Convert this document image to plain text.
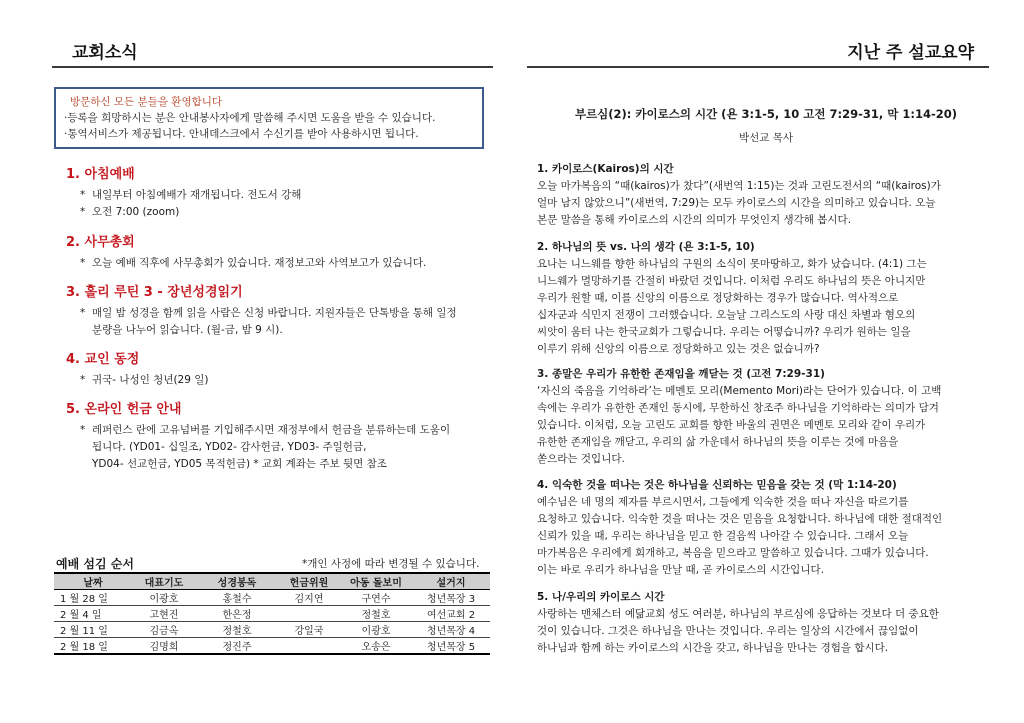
교회소식	지난 주 설교요약
방문하신 모든 분들을 환영합니다
·등록을 희망하시는 분은 안내봉사자에게 말씀해 주시면 도움을 받을 수 있습니다.
·통역서비스가 제공됩니다. 안내데스크에서 수신기를 받아 사용하시면 됩니다.
1. 아침예배
* 내일부터 아침예배가 재개됩니다. 전도서 강해
* 오전 7:00 (zoom)
2. 사무총회
* 오늘 예배 직후에 사무총회가 있습니다. 재정보고와 사역보고가 있습니다.
3. 홀리 루틴 3 - 장년성경읽기
* 매일 밤 성경을 함께 읽을 사람은 신청 바랍니다. 지원자들은 단톡방을 통해 일정
분량을 나누어 읽습니다. (월-금, 밤 9 시).
4. 교인 동정
* 귀국- 나성인 청년(29 일)
5. 온라인 헌금 안내
* 레퍼런스 란에 고유넘버를 기입해주시면 재정부에서 헌금을 분류하는데 도움이
됩니다. (YD01- 십일조, YD02- 감사헌금, YD03- 주일헌금,
YD04- 선교헌금, YD05 목적헌금) * 교회 계좌는 주보 뒷면 참조
예배 섬김 순서	*개인 사정에 따라 변경될 수 있습니다.
날짜	대표기도	성경봉독	헌금위원	아동 돌보미	설거지
1 월 28 일	이광호	홍철수	김지연	구연수	청년목장 3
2 월 4 일	고현진	한은정		정철호	여선교회 2
2 월 11 일	김금옥	정철호	강일국	이광호	청년목장 4
2 월 18 일	김명희	정진주		오송은	청년목장 5
부르심(2): 카이로스의 시간 (욘 3:1-5, 10 고전 7:29-31, 막 1:14-20)
박선교 목사
1. 카이로스(Kairos)의 시간
오늘 마가복음의 “때(kairos)가 찼다”(새번역 1:15)는 것과 고린도전서의 “때(kairos)가
얼마 남지 않았으니”(새번역, 7:29)는 모두 카이로스의 시간을 의미하고 있습니다. 오늘
본문 말씀을 통해 카이로스의 시간의 의미가 무엇인지 생각해 봅시다.
2. 하나님의 뜻 vs. 나의 생각 (욘 3:1-5, 10)
요나는 니느웨를 향한 하나님의 구원의 소식이 못마땅하고, 화가 났습니다. (4:1) 그는
니느웨가 멸망하기를 간절히 바랐던 것입니다. 이처럼 우리도 하나님의 뜻은 아니지만
우리가 원할 때, 이를 신앙의 이름으로 정당화하는 경우가 많습니다. 역사적으로
십자군과 식민지 전쟁이 그러했습니다. 오늘날 그리스도의 사랑 대신 차별과 혐오의
씨앗이 움터 나는 한국교회가 그렇습니다. 우리는 어떻습니까? 우리가 원하는 일을
이루기 위해 신앙의 이름으로 정당화하고 있는 것은 없습니까?
3. 종말은 우리가 유한한 존재임을 깨닫는 것 (고전 7:29-31)
‘자신의 죽음을 기억하라’는 메멘토 모리(Memento Mori)라는 단어가 있습니다. 이 고백
속에는 우리가 유한한 존재인 동시에, 무한하신 창조주 하나님을 기억하라는 의미가 담겨
있습니다. 이처럼, 오늘 고린도 교회를 향한 바울의 권면은 메멘토 모리와 같이 우리가
유한한 존재임을 깨닫고, 우리의 삶 가운데서 하나님의 뜻을 이루는 것에 마음을
쏟으라는 것입니다.
4. 익숙한 것을 떠나는 것은 하나님을 신뢰하는 믿음을 갖는 것 (막 1:14-20)
예수님은 네 명의 제자를 부르시면서, 그들에게 익숙한 것을 떠나 자신을 따르기를
요청하고 있습니다. 익숙한 것을 떠나는 것은 믿음을 요청합니다. 하나님에 대한 절대적인
신뢰가 있을 때, 우리는 하나님을 믿고 한 걸음씩 나아갈 수 있습니다. 그래서 오늘
마가복음은 우리에게 회개하고, 복음을 믿으라고 말씀하고 있습니다. 그때가 있습니다.
이는 바로 우리가 하나님을 만날 때, 곧 카이로스의 시간입니다.
5. 나/우리의 카이로스 시간
사랑하는 맨체스터 예닮교회 성도 여러분, 하나님의 부르심에 응답하는 것보다 더 중요한
것이 있습니다. 그것은 하나님을 만나는 것입니다. 우리는 일상의 시간에서 끊임없이
하나님과 함께 하는 카이로스의 시간을 갖고, 하나님을 만나는 경험을 합시다.
